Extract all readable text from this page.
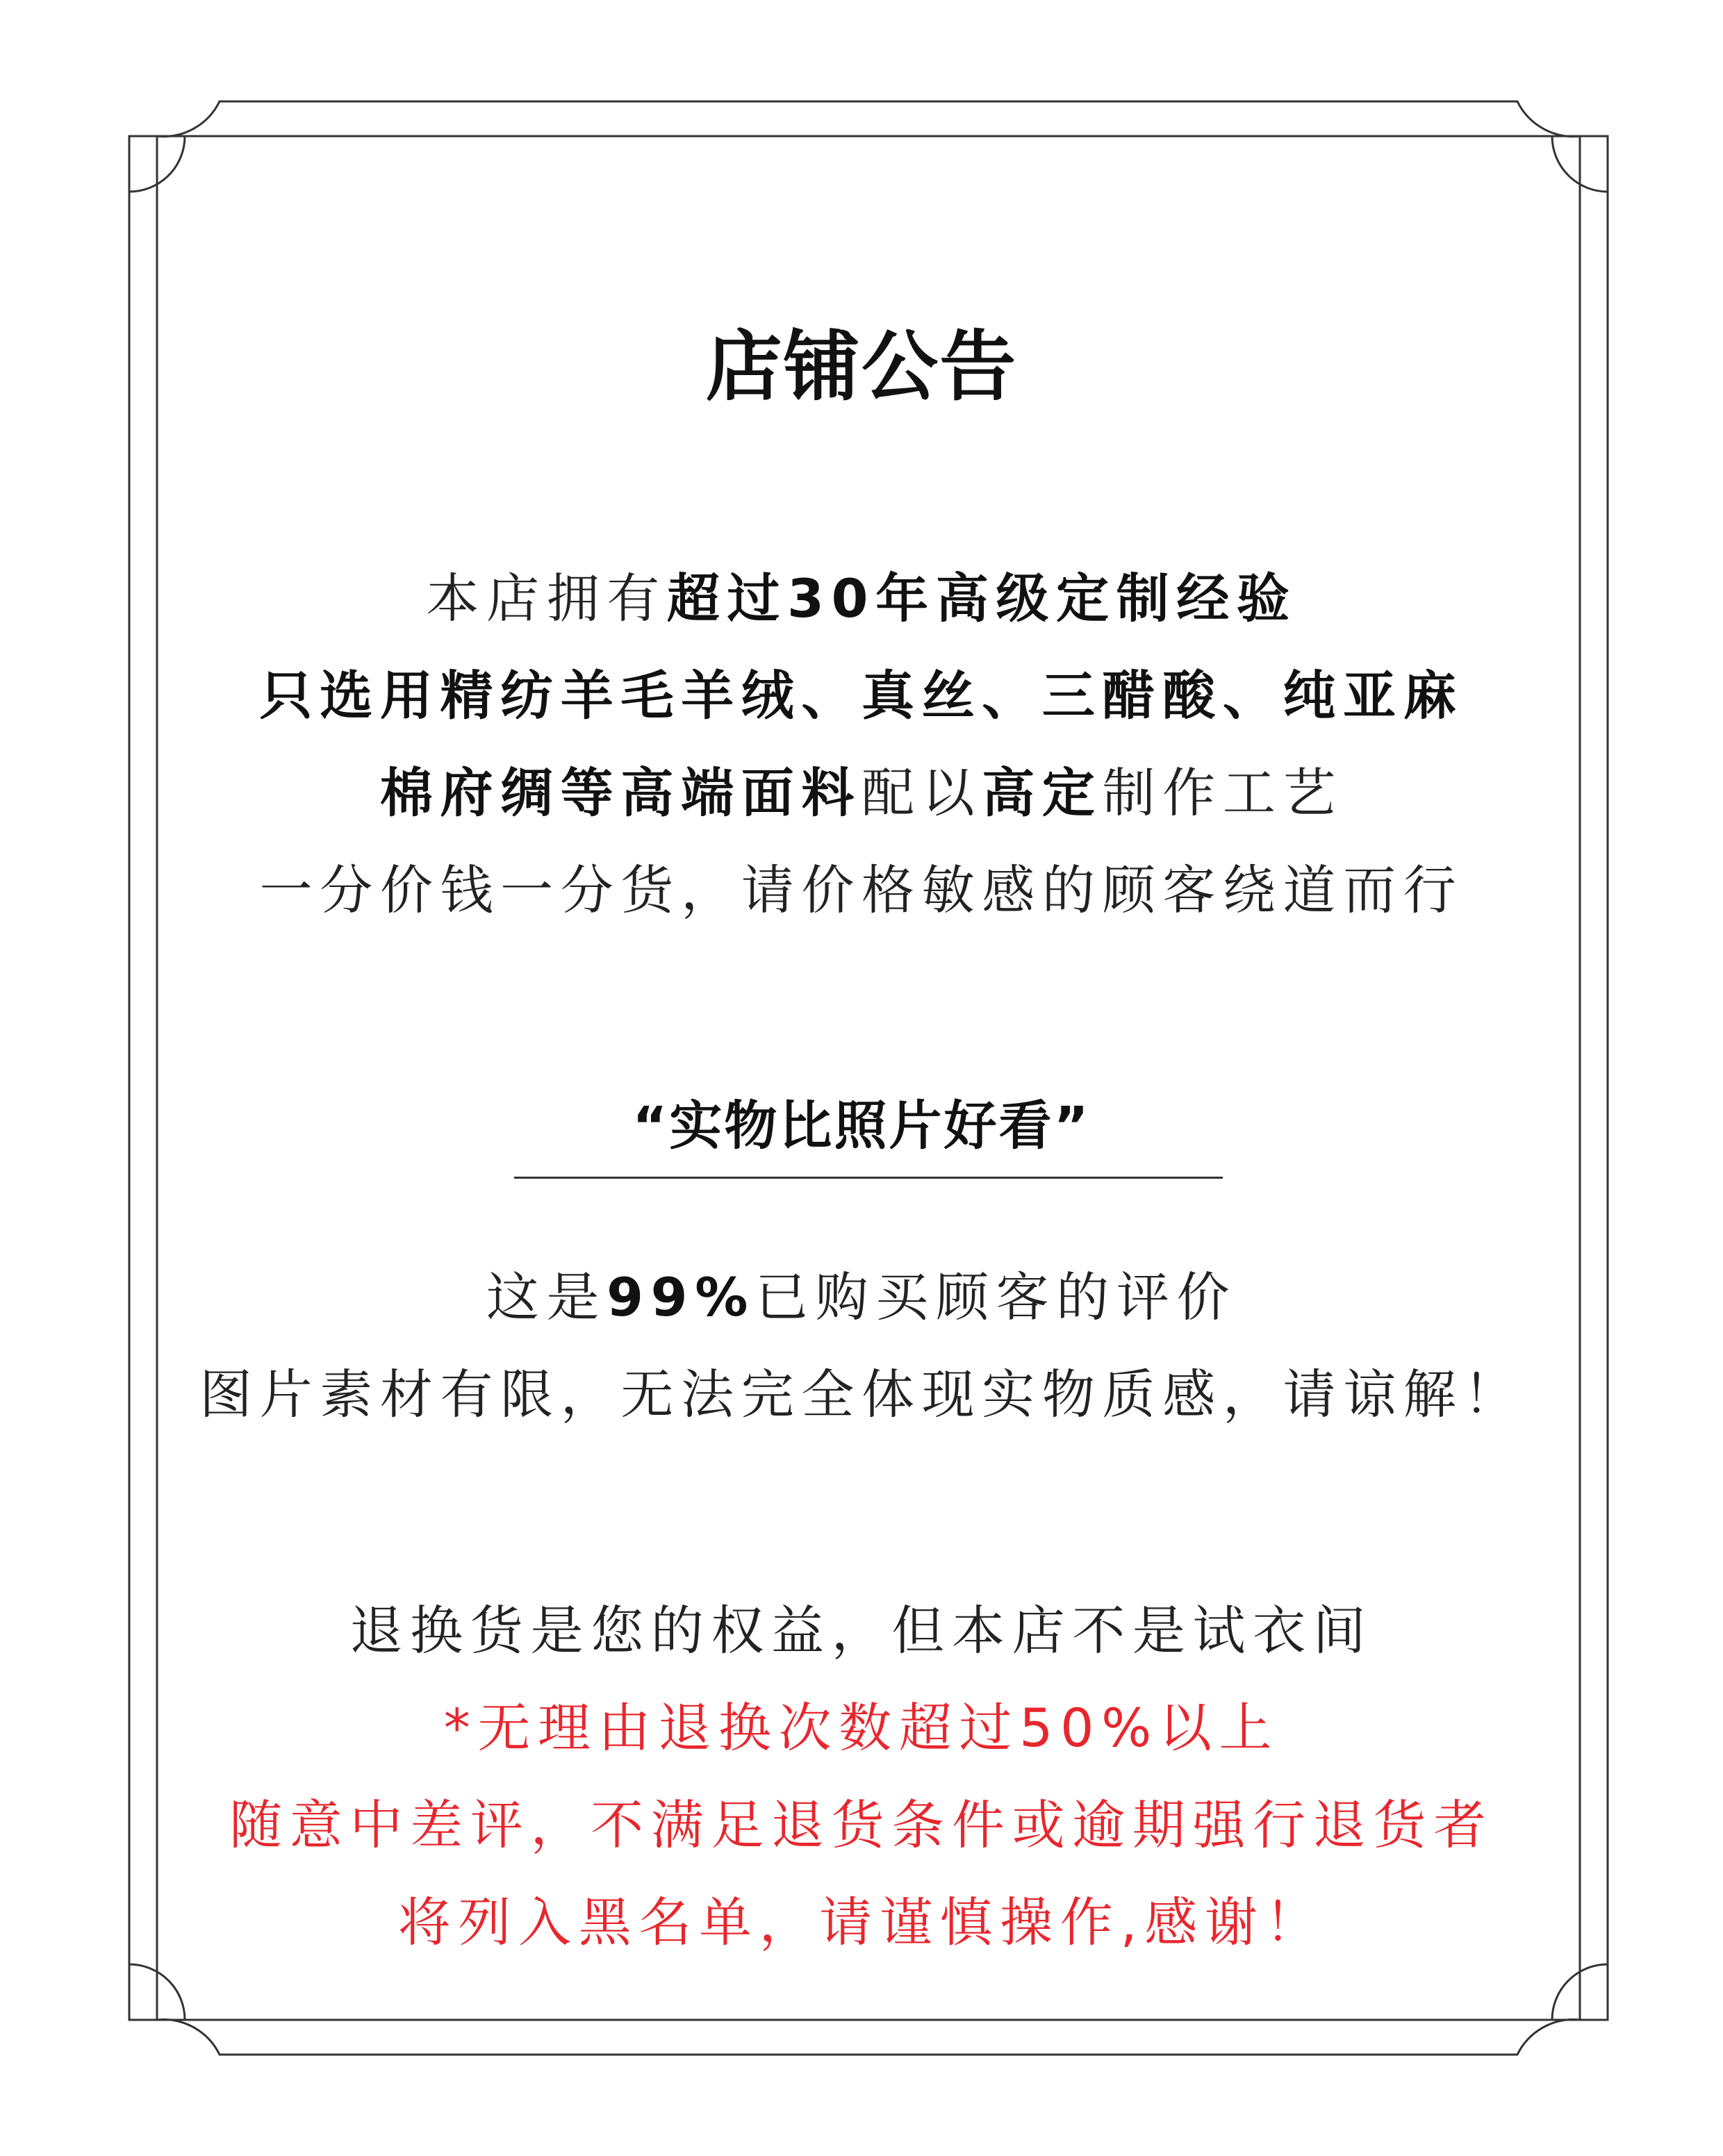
店铺公告
本店拥有超过30年高级定制经验
只选用精纺羊毛羊绒、真丝、三醋酸、纯亚麻
棉府绸等高端面料配以高定制作工艺
一分价钱一分货，请价格敏感的顾客绕道而行
“实物比照片好看”
这是99%已购买顾客的评价
图片素材有限，无法完全体现实物质感，请谅解！
退换货是您的权益，但本店不是试衣间
*无理由退换次数超过50%以上
随意中差评，不满足退货条件或逾期强行退货者
将列入黑名单，请谨慎操作,感谢！
